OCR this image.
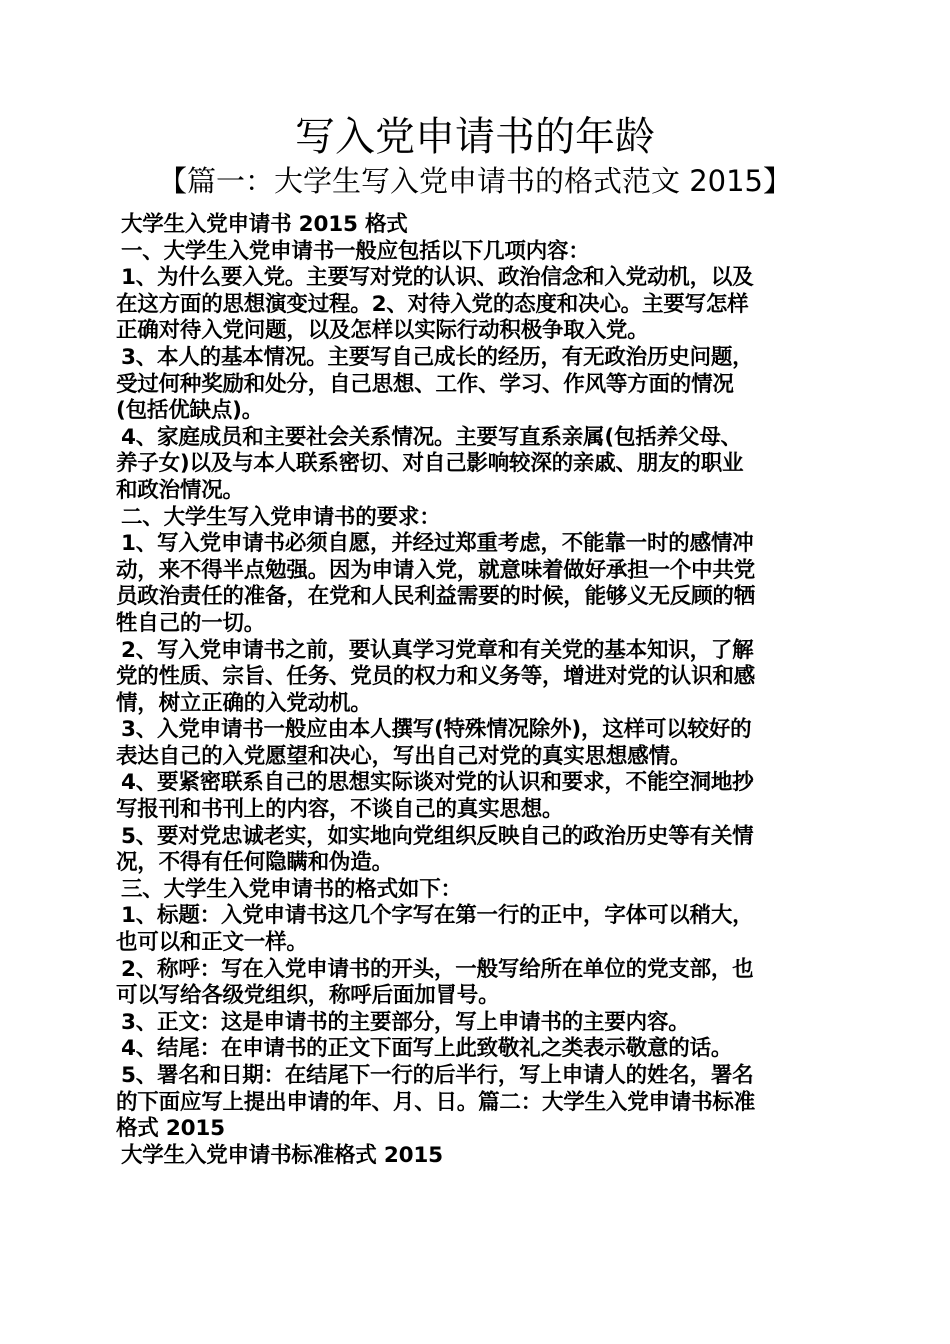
写入党申请书的年龄
【篇一：大学生写入党申请书的格式范文 2015】
大学生入党申请书 2015 格式
一、大学生入党申请书一般应包括以下几项内容：
1、为什么要入党。主要写对党的认识、政治信念和入党动机，以及
在这方面的思想演变过程。2、对待入党的态度和决心。主要写怎样
正确对待入党问题，以及怎样以实际行动积极争取入党。
3、本人的基本情况。主要写自己成长的经历，有无政治历史问题，
受过何种奖励和处分，自己思想、工作、学习、作风等方面的情况
(包括优缺点)。
4、家庭成员和主要社会关系情况。主要写直系亲属(包括养父母、
养子女)以及与本人联系密切、对自己影响较深的亲戚、朋友的职业
和政治情况。
二、大学生写入党申请书的要求：
1、写入党申请书必须自愿，并经过郑重考虑，不能靠一时的感情冲
动，来不得半点勉强。因为申请入党，就意味着做好承担一个中共党
员政治责任的准备，在党和人民利益需要的时候，能够义无反顾的牺
牲自己的一切。
2、写入党申请书之前，要认真学习党章和有关党的基本知识，了解
党的性质、宗旨、任务、党员的权力和义务等，增进对党的认识和感
情，树立正确的入党动机。
3、入党申请书一般应由本人撰写(特殊情况除外)，这样可以较好的
表达自己的入党愿望和决心，写出自己对党的真实思想感情。
4、要紧密联系自己的思想实际谈对党的认识和要求，不能空洞地抄
写报刊和书刊上的内容，不谈自己的真实思想。
5、要对党忠诚老实，如实地向党组织反映自己的政治历史等有关情
况，不得有任何隐瞒和伪造。
三、大学生入党申请书的格式如下：
1、标题：入党申请书这几个字写在第一行的正中，字体可以稍大，
也可以和正文一样。
2、称呼：写在入党申请书的开头，一般写给所在单位的党支部，也
可以写给各级党组织，称呼后面加冒号。
3、正文：这是申请书的主要部分，写上申请书的主要内容。
4、结尾：在申请书的正文下面写上此致敬礼之类表示敬意的话。
5、署名和日期：在结尾下一行的后半行，写上申请人的姓名，署名
的下面应写上提出申请的年、月、日。篇二：大学生入党申请书标准
格式 2015
大学生入党申请书标准格式 2015
